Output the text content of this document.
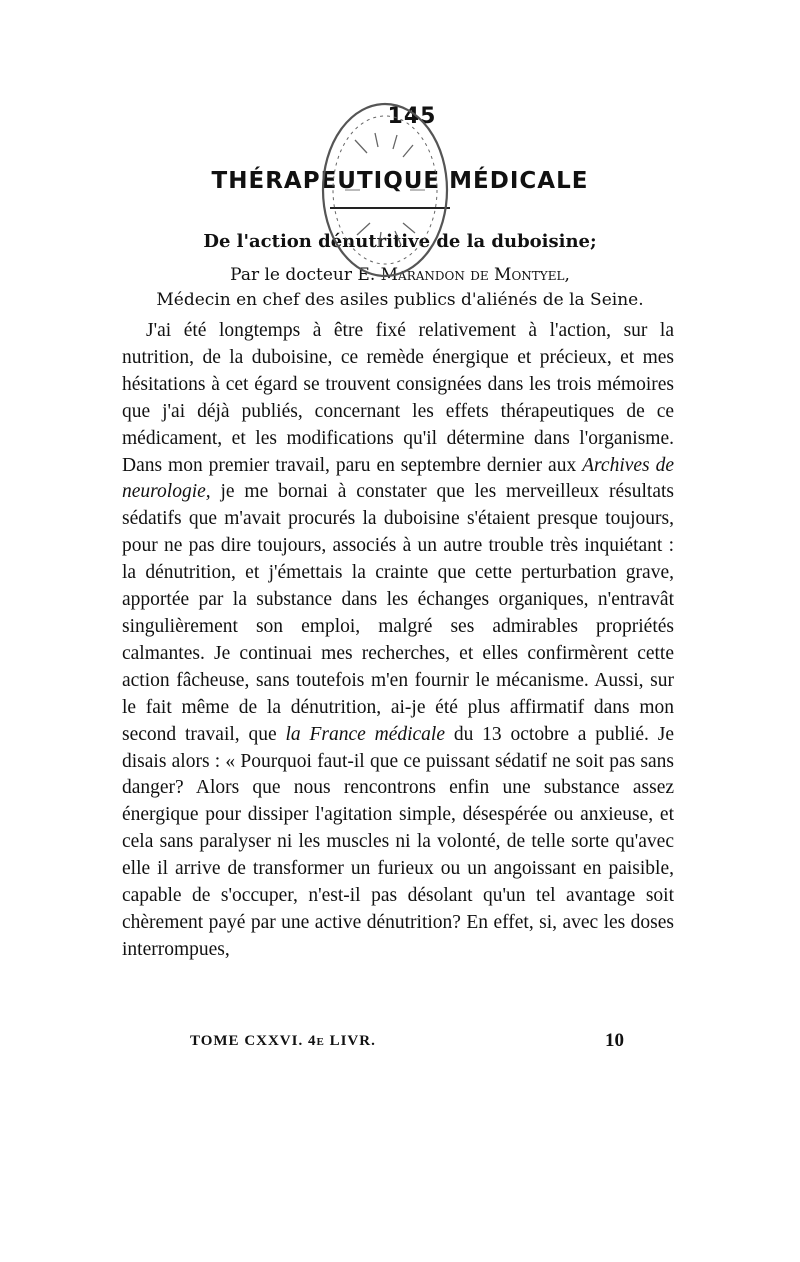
145
THÉRAPEUTIQUE MÉDICALE
De l'action dénutritive de la duboisine;
Par le docteur E. Marandon de Montyel,
Médecin en chef des asiles publics d'aliénés de la Seine.

J'ai été longtemps à être fixé relativement à l'action, sur la nutrition, de la duboisine, ce remède énergique et précieux, et mes hésitations à cet égard se trouvent consignées dans les trois mémoires que j'ai déjà publiés, concernant les effets thérapeutiques de ce médicament, et les modifications qu'il détermine dans l'organisme. Dans mon premier travail, paru en septembre dernier aux Archives de neurologie, je me bornai à constater que les merveilleux résultats sédatifs que m'avait procurés la duboisine s'étaient presque toujours, pour ne pas dire toujours, associés à un autre trouble très inquiétant : la dénutrition, et j'émettais la crainte que cette perturbation grave, apportée par la substance dans les échanges organiques, n'entravât singulièrement son emploi, malgré ses admirables propriétés calmantes. Je continuai mes recherches, et elles confirmèrent cette action fâcheuse, sans toutefois m'en fournir le mécanisme. Aussi, sur le fait même de la dénutrition, ai-je été plus affirmatif dans mon second travail, que la France médicale du 13 octobre a publié. Je disais alors : « Pourquoi faut-il que ce puissant sédatif ne soit pas sans danger? Alors que nous rencontrons enfin une substance assez énergique pour dissiper l'agitation simple, désespérée ou anxieuse, et cela sans paralyser ni les muscles ni la volonté, de telle sorte qu'avec elle il arrive de transformer un furieux ou un angoissant en paisible, capable de s'occuper, n'est-il pas désolant qu'un tel avantage soit chèrement payé par une active dénutrition? En effet, si, avec les doses interrompues,

TOME CXXVI. 4e LIVR.	10
